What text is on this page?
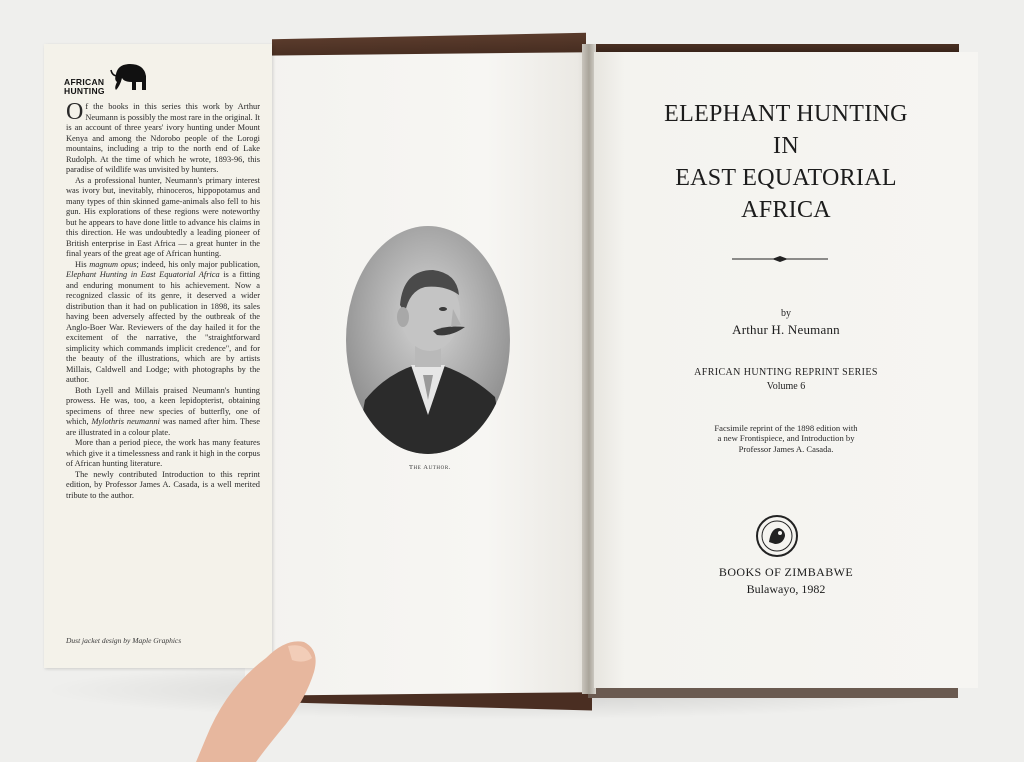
The Author.
AFRICAN
HUNTING

Of the books in this series this work by Arthur Neumann is possibly the most rare in the original. It is an account of three years' ivory hunting under Mount Kenya and among the Ndorobo people of the Lorogi mountains, including a trip to the north end of Lake Rudolph. At the time of which he wrote, 1893-96, this paradise of wildlife was unvisited by hunters.

As a professional hunter, Neumann's primary interest was ivory but, inevitably, rhinoceros, hippopotamus and many types of thin skinned game-animals also fell to his gun. His explorations of these regions were noteworthy but he appears to have done little to advance his claims in this direction. He was undoubtedly a leading pioneer of British enterprise in East Africa — a great hunter in the final years of the great age of African hunting.

His magnum opus; indeed, his only major publication, Elephant Hunting in East Equatorial Africa is a fitting and enduring monument to his achievement. Now a recognized classic of its genre, it deserved a wider distribution than it had on publication in 1898, its sales having been adversely affected by the outbreak of the Anglo-Boer War. Reviewers of the day hailed it for the excitement of the narrative, the "straightforward simplicity which commands implicit credence", and for the beauty of the illustrations, which are by artists Millais, Caldwell and Lodge; with photographs by the author.

Both Lyell and Millais praised Neumann's hunting prowess. He was, too, a keen lepidopterist, obtaining specimens of three new species of butterfly, one of which, Mylothris neumanni was named after him. These are illustrated in a colour plate.

More than a period piece, the work has many features which give it a timelessness and rank it high in the corpus of African hunting literature.

The newly contributed Introduction to this reprint edition, by Professor James A. Casada, is a well merited tribute to the author.

Dust jacket design by Maple Graphics
ELEPHANT HUNTING
IN
EAST EQUATORIAL
AFRICA
by
Arthur H. Neumann
AFRICAN HUNTING REPRINT SERIES
Volume 6
Facsimile reprint of the 1898 edition with
a new Frontispiece, and Introduction by
Professor James A. Casada.
BOOKS OF ZIMBABWE
Bulawayo, 1982
